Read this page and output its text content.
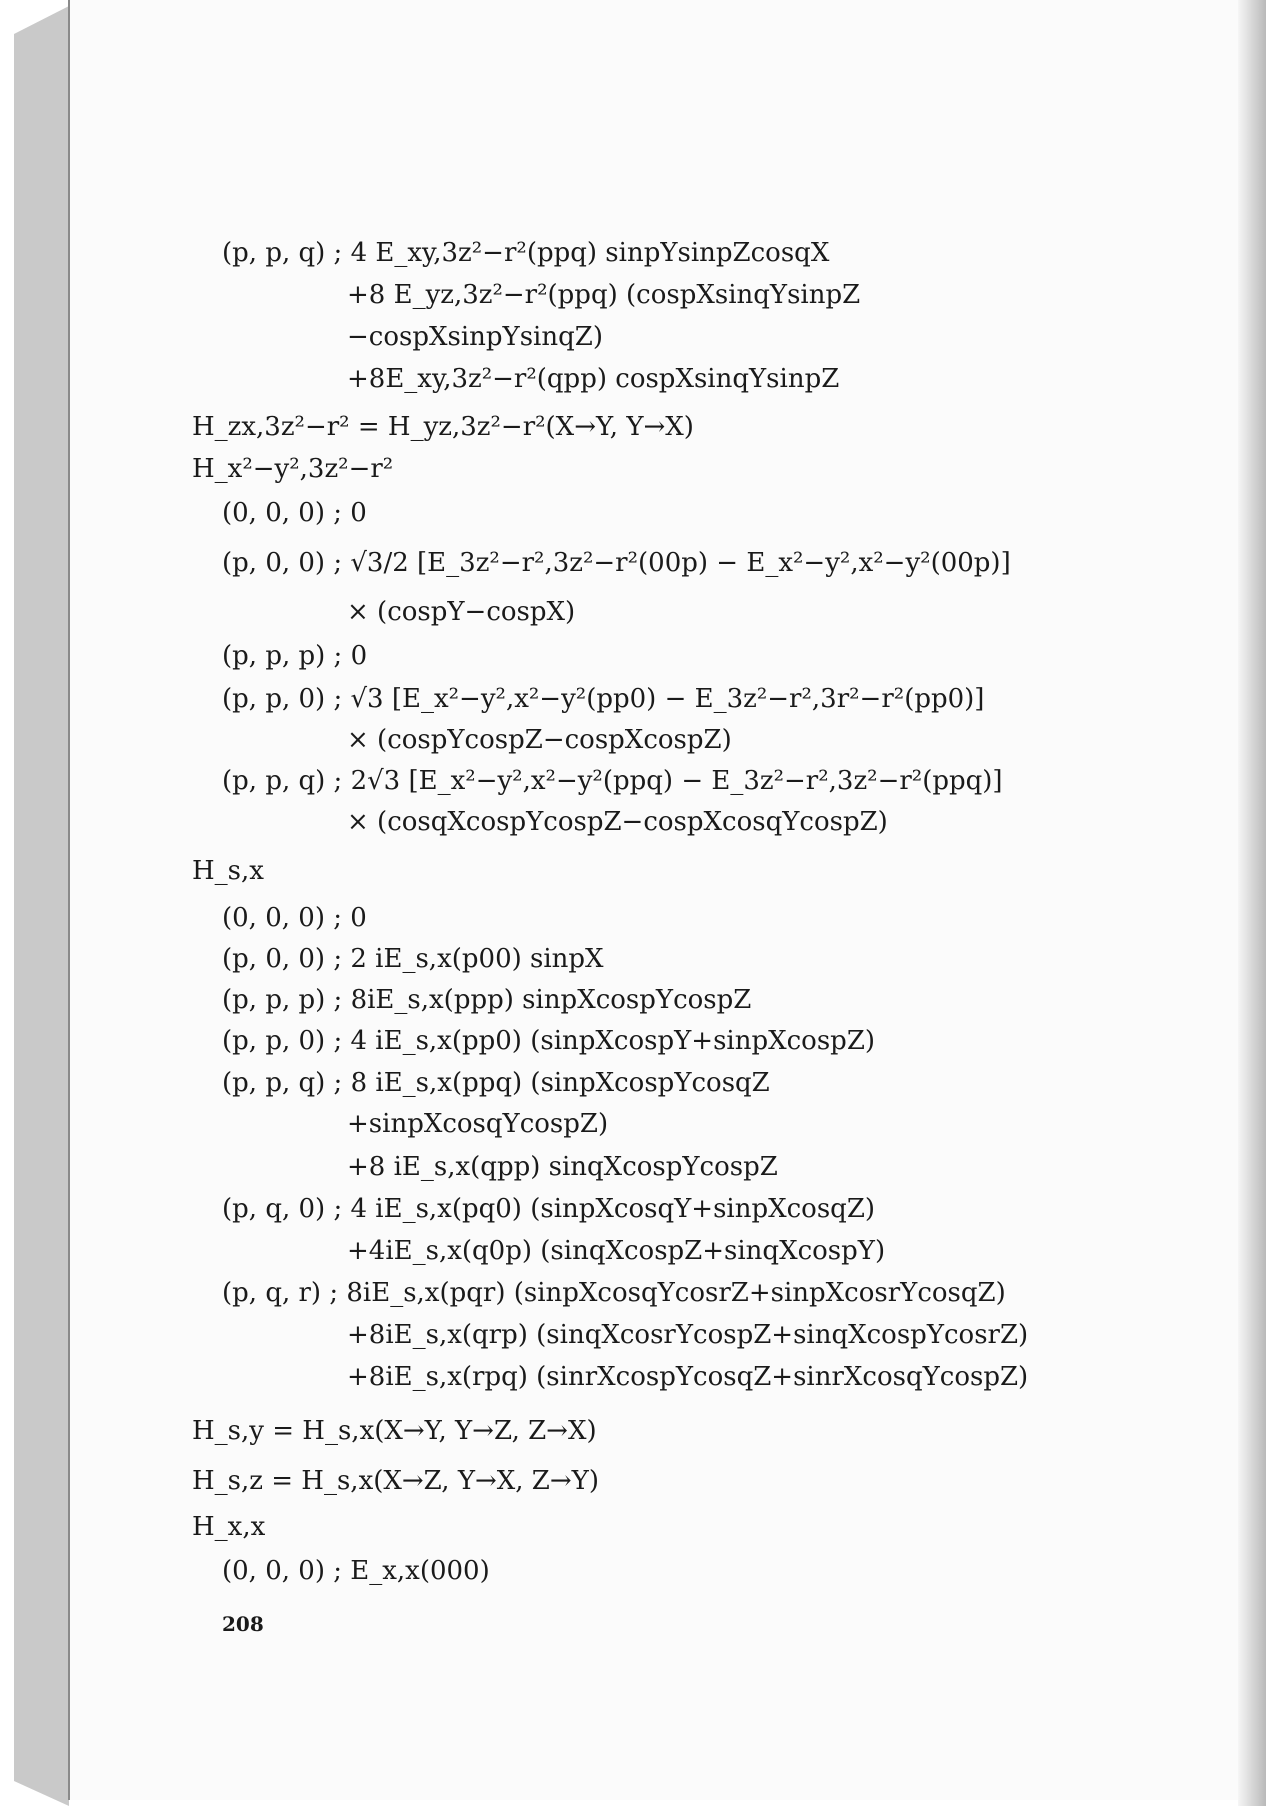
(p, p, q) ; 4 E_xy,3z²−r²(ppq) sinpYsinpZcosqX
+8 E_yz,3z²−r²(ppq) (cospXsinqYsinpZ
−cospXsinpYsinqZ)
+8E_xy,3z²−r²(qpp) cospXsinqYsinpZ
H_zx,3z²−r² = H_yz,3z²−r²(X→Y, Y→X)
H_x²−y²,3z²−r²
(0, 0, 0) ; 0
(p, 0, 0) ; √3/2 [E_3z²−r²,3z²−r²(00p) − E_x²−y²,x²−y²(00p)]
× (cospY−cospX)
(p, p, p) ; 0
(p, p, 0) ; √3 [E_x²−y²,x²−y²(pp0) − E_3z²−r²,3r²−r²(pp0)]
× (cospYcospZ−cospXcospZ)
(p, p, q) ; 2√3 [E_x²−y²,x²−y²(ppq) − E_3z²−r²,3z²−r²(ppq)]
× (cosqXcospYcospZ−cospXcosqYcospZ)
H_s,x
(0, 0, 0) ; 0
(p, 0, 0) ; 2 iE_s,x(p00) sinpX
(p, p, p) ; 8iE_s,x(ppp) sinpXcospYcospZ
(p, p, 0) ; 4 iE_s,x(pp0) (sinpXcospY+sinpXcospZ)
(p, p, q) ; 8 iE_s,x(ppq) (sinpXcospYcosqZ
+sinpXcosqYcospZ)
+8 iE_s,x(qpp) sinqXcospYcospZ
(p, q, 0) ; 4 iE_s,x(pq0) (sinpXcosqY+sinpXcosqZ)
+4iE_s,x(q0p) (sinqXcospZ+sinqXcospY)
(p, q, r) ; 8iE_s,x(pqr) (sinpXcosqYcosrZ+sinpXcosrYcosqZ)
+8iE_s,x(qrp) (sinqXcosrYcospZ+sinqXcospYcosrZ)
+8iE_s,x(rpq) (sinrXcospYcosqZ+sinrXcosqYcospZ)
H_s,y = H_s,x(X→Y, Y→Z, Z→X)
H_s,z = H_s,x(X→Z, Y→X, Z→Y)
H_x,x
(0, 0, 0) ; E_x,x(000)
208
